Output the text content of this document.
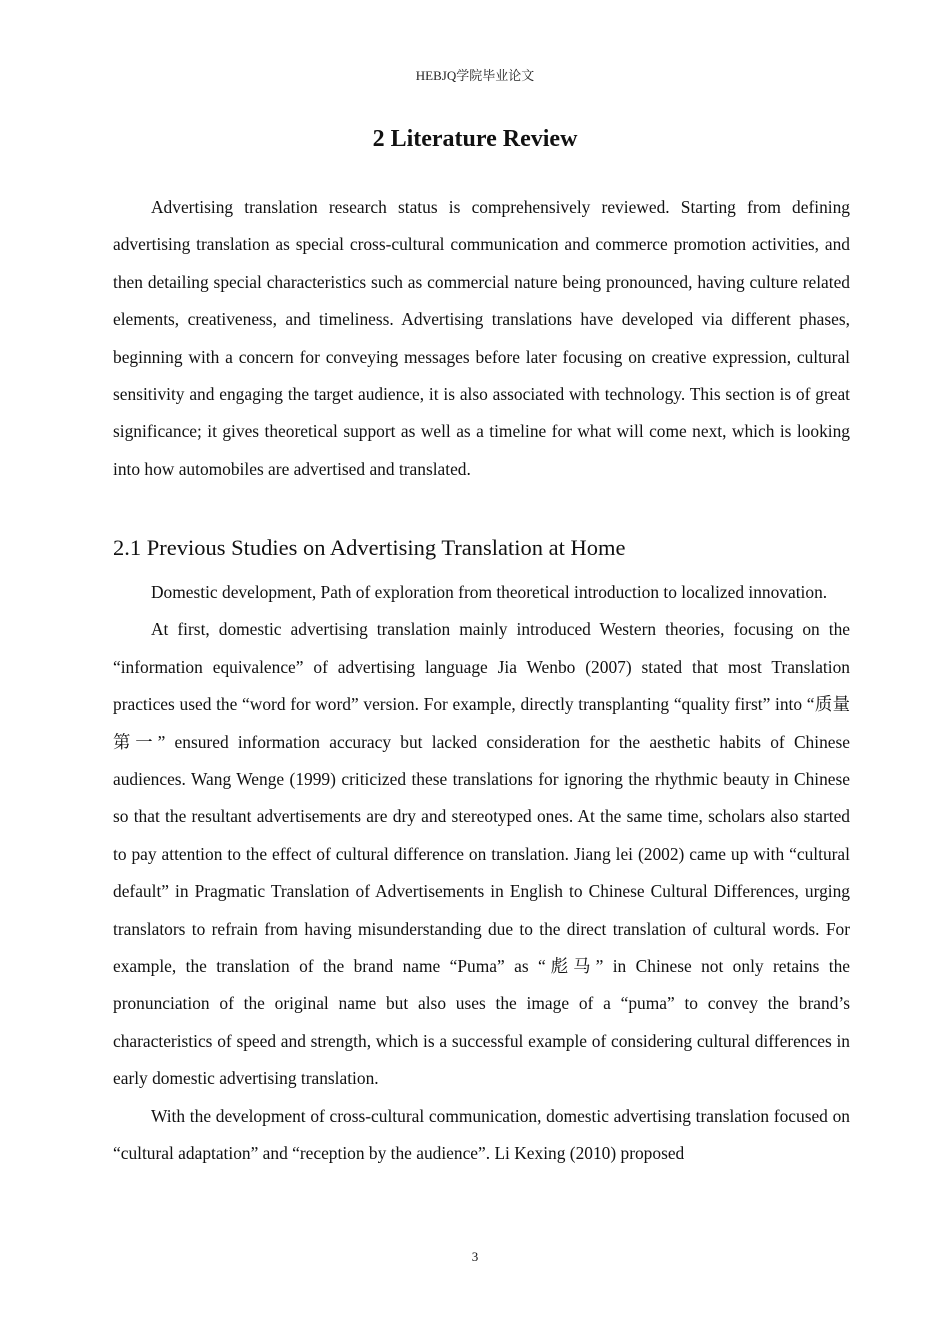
HEBJQ学院毕业论文
2 Literature Review

Advertising translation research status is comprehensively reviewed. Starting from defining advertising translation as special cross-cultural communication and commerce promotion activities, and then detailing special characteristics such as commercial nature being pronounced, having culture related elements, creativeness, and timeliness. Advertising translations have developed via different phases, beginning with a concern for conveying messages before later focusing on creative expression, cultural sensitivity and engaging the target audience, it is also associated with technology. This section is of great significance; it gives theoretical support as well as a timeline for what will come next, which is looking into how automobiles are advertised and translated.

2.1 Previous Studies on Advertising Translation at Home

Domestic development, Path of exploration from theoretical introduction to localized innovation.

At first, domestic advertising translation mainly introduced Western theories, focusing on the “information equivalence” of advertising language Jia Wenbo (2007) stated that most Translation practices used the “word for word” version. For example, directly transplanting “quality first” into “质量第一” ensured information accuracy but lacked consideration for the aesthetic habits of Chinese audiences. Wang Wenge (1999) criticized these translations for ignoring the rhythmic beauty in Chinese so that the resultant advertisements are dry and stereotyped ones. At the same time, scholars also started to pay attention to the effect of cultural difference on translation. Jiang lei (2002) came up with “cultural default” in Pragmatic Translation of Advertisements in English to Chinese Cultural Differences, urging translators to refrain from having misunderstanding due to the direct translation of cultural words. For example, the translation of the brand name “Puma” as “彪马” in Chinese not only retains the pronunciation of the original name but also uses the image of a “puma” to convey the brand’s characteristics of speed and strength, which is a successful example of considering cultural differences in early domestic advertising translation.

With the development of cross-cultural communication, domestic advertising translation focused on “cultural adaptation” and “reception by the audience”. Li Kexing (2010) proposed

3
